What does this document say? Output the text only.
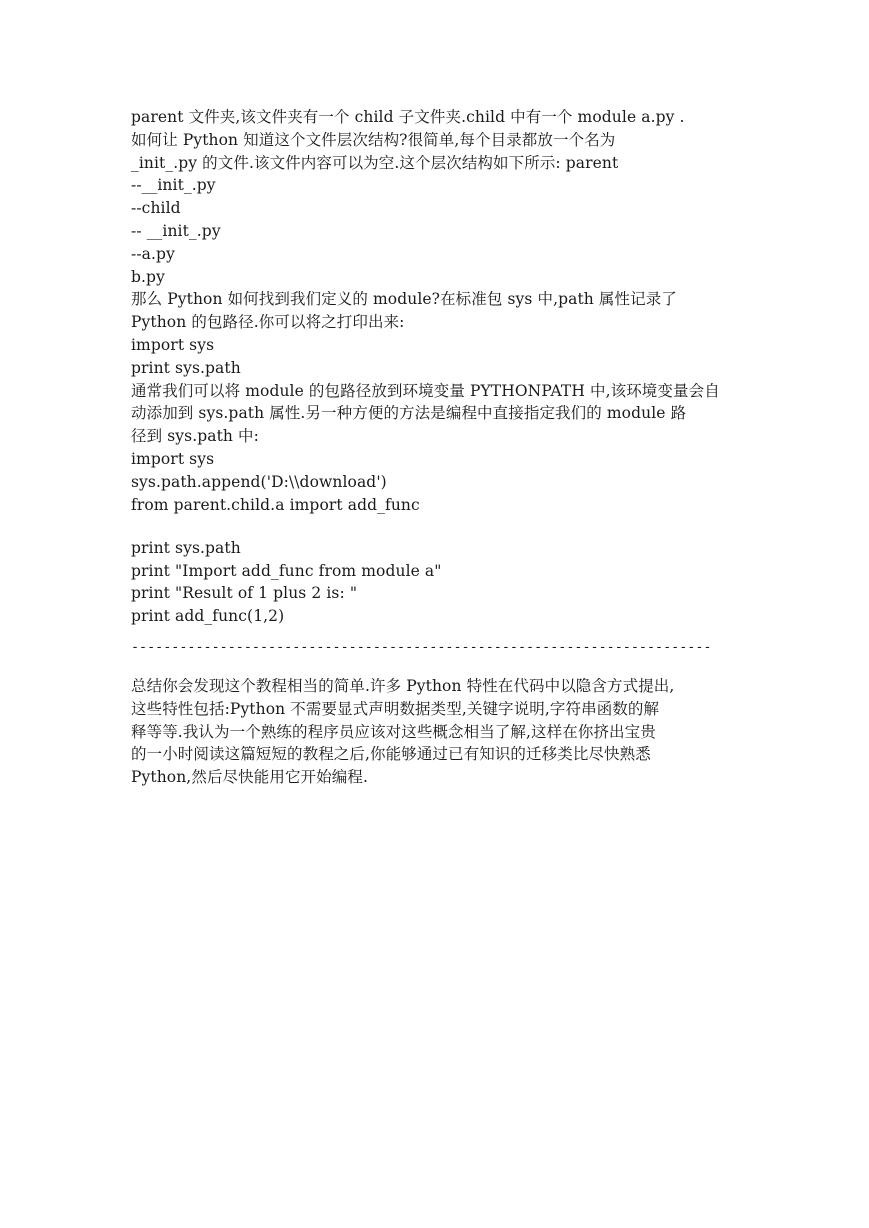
parent 文件夹,该文件夹有一个 child 子文件夹.child 中有一个 module a.py .
如何让 Python 知道这个文件层次结构?很简单,每个目录都放一个名为
_init_.py 的文件.该文件内容可以为空.这个层次结构如下所示: parent
--__init_.py
--child
-- __init_.py
--a.py
b.py
那么 Python 如何找到我们定义的 module?在标准包 sys 中,path 属性记录了
Python 的包路径.你可以将之打印出来:
import sys
print sys.path
通常我们可以将 module 的包路径放到环境变量 PYTHONPATH 中,该环境变量会自
动添加到 sys.path 属性.另一种方便的方法是编程中直接指定我们的 module 路
径到 sys.path 中:
import sys
sys.path.append('D:\\download')
from parent.child.a import add_func
print sys.path
print "Import add_func from module a"
print "Result of 1 plus 2 is: "
print add_func(1,2)
------------------------------------------------------------------------
总结你会发现这个教程相当的简单.许多 Python 特性在代码中以隐含方式提出,
这些特性包括:Python 不需要显式声明数据类型,关键字说明,字符串函数的解
释等等.我认为一个熟练的程序员应该对这些概念相当了解,这样在你挤出宝贵
的一小时阅读这篇短短的教程之后,你能够通过已有知识的迁移类比尽快熟悉
Python,然后尽快能用它开始编程.
